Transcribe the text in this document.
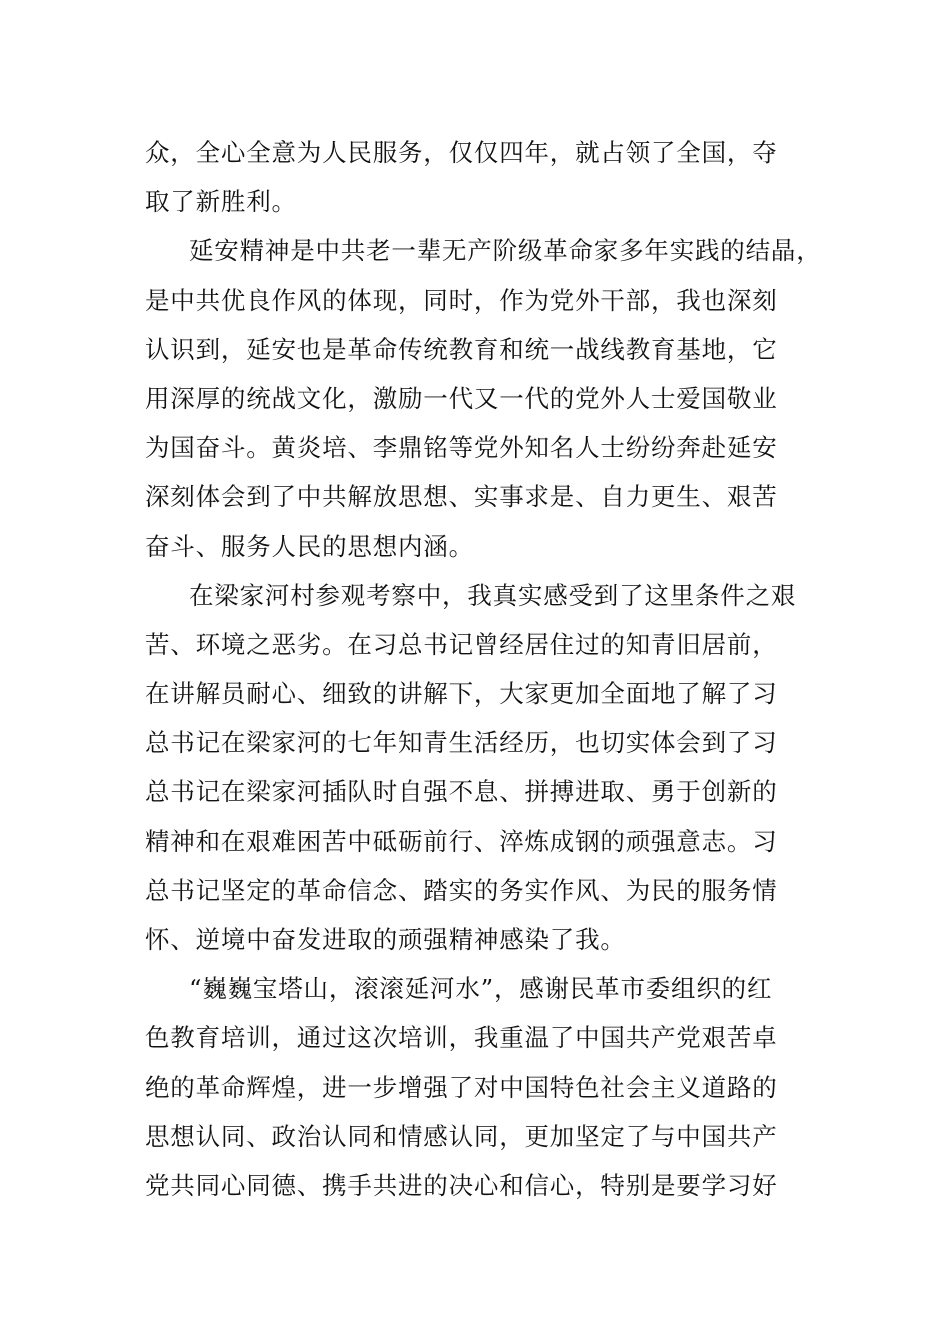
众，全心全意为人民服务，仅仅四年，就占领了全国，夺
取了新胜利。
延安精神是中共老一辈无产阶级革命家多年实践的结晶，
是中共优良作风的体现，同时，作为党外干部，我也深刻
认识到，延安也是革命传统教育和统一战线教育基地，它
用深厚的统战文化，激励一代又一代的党外人士爱国敬业
为国奋斗。黄炎培、李鼎铭等党外知名人士纷纷奔赴延安
深刻体会到了中共解放思想、实事求是、自力更生、艰苦
奋斗、服务人民的思想内涵。
在梁家河村参观考察中，我真实感受到了这里条件之艰
苦、环境之恶劣。在习总书记曾经居住过的知青旧居前，
在讲解员耐心、细致的讲解下，大家更加全面地了解了习
总书记在梁家河的七年知青生活经历，也切实体会到了习
总书记在梁家河插队时自强不息、拼搏进取、勇于创新的
精神和在艰难困苦中砥砺前行、淬炼成钢的顽强意志。习
总书记坚定的革命信念、踏实的务实作风、为民的服务情
怀、逆境中奋发进取的顽强精神感染了我。
“巍巍宝塔山，滚滚延河水”，感谢民革市委组织的红
色教育培训，通过这次培训，我重温了中国共产党艰苦卓
绝的革命辉煌，进一步增强了对中国特色社会主义道路的
思想认同、政治认同和情感认同，更加坚定了与中国共产
党共同心同德、携手共进的决心和信心，特别是要学习好
